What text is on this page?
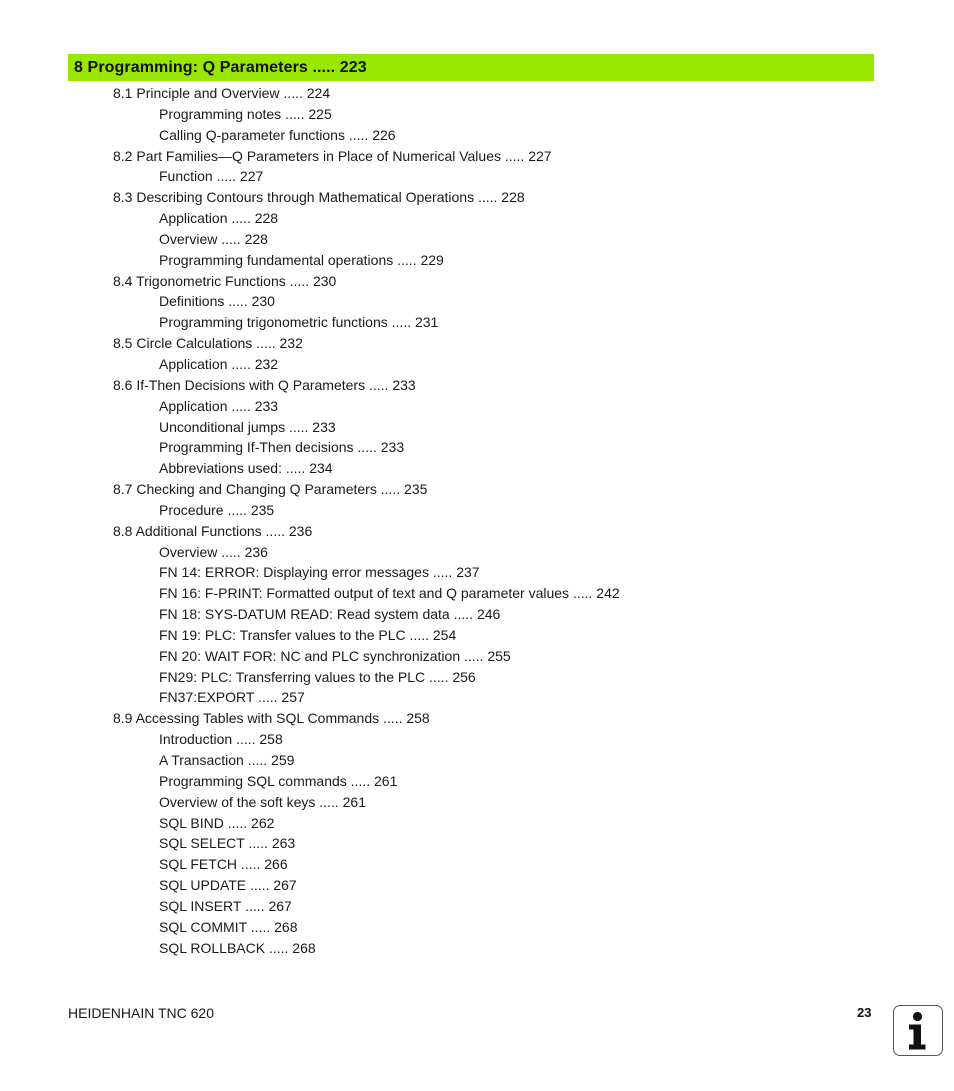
8 Programming: Q Parameters ..... 223
8.1 Principle and Overview ..... 224
Programming notes ..... 225
Calling Q-parameter functions ..... 226
8.2 Part Families—Q Parameters in Place of Numerical Values ..... 227
Function ..... 227
8.3 Describing Contours through Mathematical Operations ..... 228
Application ..... 228
Overview ..... 228
Programming fundamental operations ..... 229
8.4 Trigonometric Functions ..... 230
Definitions ..... 230
Programming trigonometric functions ..... 231
8.5 Circle Calculations ..... 232
Application ..... 232
8.6 If-Then Decisions with Q Parameters ..... 233
Application ..... 233
Unconditional jumps ..... 233
Programming If-Then decisions ..... 233
Abbreviations used: ..... 234
8.7 Checking and Changing Q Parameters ..... 235
Procedure ..... 235
8.8 Additional Functions ..... 236
Overview ..... 236
FN 14: ERROR: Displaying error messages ..... 237
FN 16: F-PRINT: Formatted output of text and Q parameter values ..... 242
FN 18: SYS-DATUM READ: Read system data ..... 246
FN 19: PLC: Transfer values to the PLC ..... 254
FN 20: WAIT FOR: NC and PLC synchronization ..... 255
FN29: PLC: Transferring values to the PLC ..... 256
FN37:EXPORT ..... 257
8.9 Accessing Tables with SQL Commands ..... 258
Introduction ..... 258
A Transaction ..... 259
Programming SQL commands ..... 261
Overview of the soft keys ..... 261
SQL BIND ..... 262
SQL SELECT ..... 263
SQL FETCH ..... 266
SQL UPDATE ..... 267
SQL INSERT ..... 267
SQL COMMIT ..... 268
SQL ROLLBACK ..... 268
HEIDENHAIN TNC 620	23
